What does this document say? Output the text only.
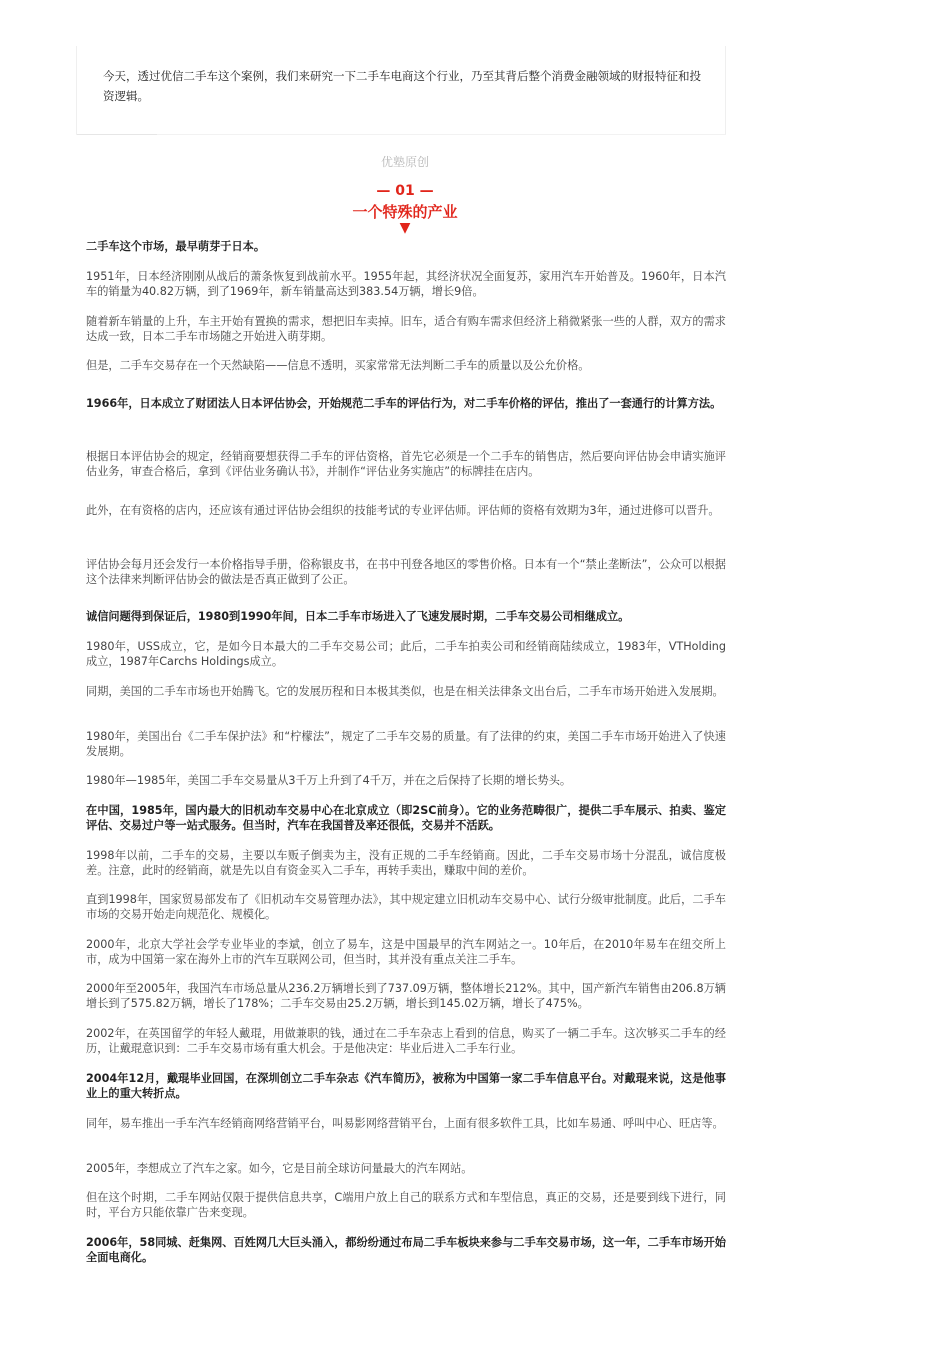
今天，透过优信二手车这个案例，我们来研究一下二手车电商这个行业，乃至其背后整个消费金融领域的财报特征和投资逻辑。
优塾原创
— 01 —
一个特殊的产业
▼

二手车这个市场，最早萌芽于日本。

1951年，日本经济刚刚从战后的萧条恢复到战前水平。1955年起，其经济状况全面复苏，家用汽车开始普及。1960年，日本汽车的销量为40.82万辆，到了1969年，新车销量高达到383.54万辆，增长9倍。

随着新车销量的上升，车主开始有置换的需求，想把旧车卖掉。旧车，适合有购车需求但经济上稍微紧张一些的人群，双方的需求达成一致，日本二手车市场随之开始进入萌芽期。

但是，二手车交易存在一个天然缺陷——信息不透明，买家常常无法判断二手车的质量以及公允价格。

1966年，日本成立了财团法人日本评估协会，开始规范二手车的评估行为，对二手车价格的评估，推出了一套通行的计算方法。

根据日本评估协会的规定，经销商要想获得二手车的评估资格，首先它必须是一个二手车的销售店，然后要向评估协会申请实施评估业务，审查合格后，拿到《评估业务确认书》，并制作“评估业务实施店”的标牌挂在店内。

此外，在有资格的店内，还应该有通过评估协会组织的技能考试的专业评估师。评估师的资格有效期为3年，通过进修可以晋升。

评估协会每月还会发行一本价格指导手册，俗称银皮书，在书中刊登各地区的零售价格。日本有一个“禁止垄断法”，公众可以根据这个法律来判断评估协会的做法是否真正做到了公正。

诚信问题得到保证后，1980到1990年间，日本二手车市场进入了飞速发展时期，二手车交易公司相继成立。

1980年，USS成立，它，是如今日本最大的二手车交易公司；此后，二手车拍卖公司和经销商陆续成立，1983年，VTHolding成立，1987年Carchs Holdings成立。

同期，美国的二手车市场也开始腾飞。它的发展历程和日本极其类似，也是在相关法律条文出台后，二手车市场开始进入发展期。

1980年，美国出台《二手车保护法》和“柠檬法”，规定了二手车交易的质量。有了法律的约束，美国二手车市场开始进入了快速发展期。

1980年—1985年，美国二手车交易量从3千万上升到了4千万，并在之后保持了长期的增长势头。

在中国，1985年，国内最大的旧机动车交易中心在北京成立（即2SC前身）。它的业务范畴很广，提供二手车展示、拍卖、鉴定评估、交易过户等一站式服务。但当时，汽车在我国普及率还很低，交易并不活跃。

1998年以前，二手车的交易，主要以车贩子倒卖为主，没有正规的二手车经销商。因此，二手车交易市场十分混乱，诚信度极差。注意，此时的经销商，就是先以自有资金买入二手车，再转手卖出，赚取中间的差价。

直到1998年，国家贸易部发布了《旧机动车交易管理办法》，其中规定建立旧机动车交易中心、试行分级审批制度。此后，二手车市场的交易开始走向规范化、规模化。

2000年，北京大学社会学专业毕业的李斌，创立了易车，这是中国最早的汽车网站之一。10年后，在2010年易车在纽交所上市，成为中国第一家在海外上市的汽车互联网公司，但当时，其并没有重点关注二手车。

2000年至2005年，我国汽车市场总量从236.2万辆增长到了737.09万辆，整体增长212%。其中，国产新汽车销售由206.8万辆增长到了575.82万辆，增长了178%；二手车交易由25.2万辆，增长到145.02万辆，增长了475%。

2002年，在英国留学的年轻人戴琨，用做兼职的钱，通过在二手车杂志上看到的信息，购买了一辆二手车。这次够买二手车的经历，让戴琨意识到：二手车交易市场有重大机会。于是他决定：毕业后进入二手车行业。

2004年12月，戴琨毕业回国，在深圳创立二手车杂志《汽车简历》，被称为中国第一家二手车信息平台。对戴琨来说，这是他事业上的重大转折点。

同年，易车推出一手车汽车经销商网络营销平台，叫易影网络营销平台，上面有很多软件工具，比如车易通、呼叫中心、旺店等。

2005年，李想成立了汽车之家。如今，它是目前全球访问量最大的汽车网站。

但在这个时期，二手车网站仅限于提供信息共享，C端用户放上自己的联系方式和车型信息，真正的交易，还是要到线下进行，同时，平台方只能依靠广告来变现。

2006年，58同城、赶集网、百姓网几大巨头涌入，都纷纷通过布局二手车板块来参与二手车交易市场，这一年，二手车市场开始全面电商化。
